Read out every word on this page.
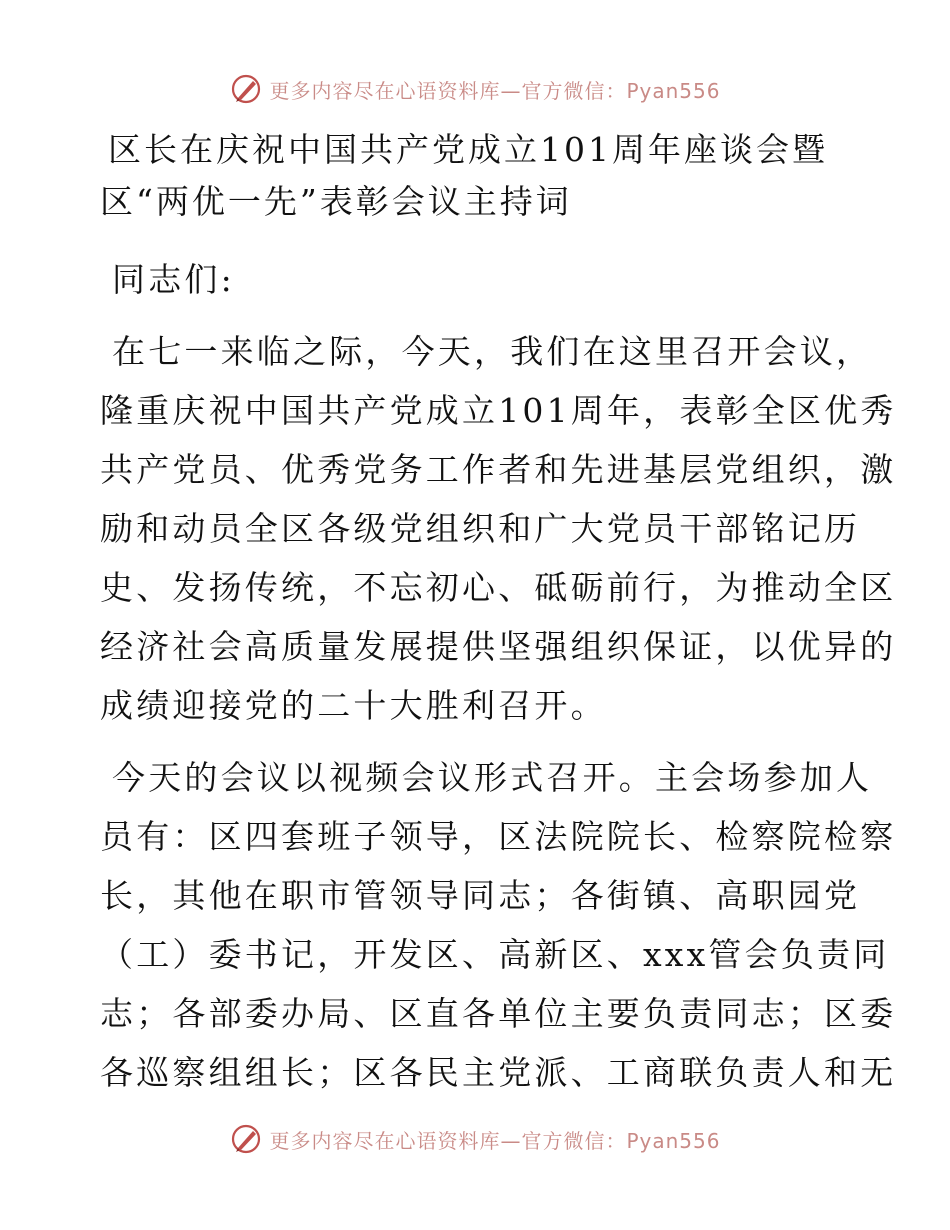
更多内容尽在心语资料库—官方微信：Pyan556
区长在庆祝中国共产党成立101周年座谈会暨
区“两优一先”表彰会议主持词
同志们:
在七一来临之际，今天，我们在这里召开会议，
隆重庆祝中国共产党成立101周年，表彰全区优秀
共产党员、优秀党务工作者和先进基层党组织，激
励和动员全区各级党组织和广大党员干部铭记历
史、发扬传统，不忘初心、砥砺前行，为推动全区
经济社会高质量发展提供坚强组织保证，以优异的
成绩迎接党的二十大胜利召开。
今天的会议以视频会议形式召开。主会场参加人
员有：区四套班子领导，区法院院长、检察院检察
长，其他在职市管领导同志；各街镇、高职园党
（工）委书记，开发区、高新区、xxx管会负责同
志；各部委办局、区直各单位主要负责同志；区委
各巡察组组长；区各民主党派、工商联负责人和无
更多内容尽在心语资料库—官方微信：Pyan556
